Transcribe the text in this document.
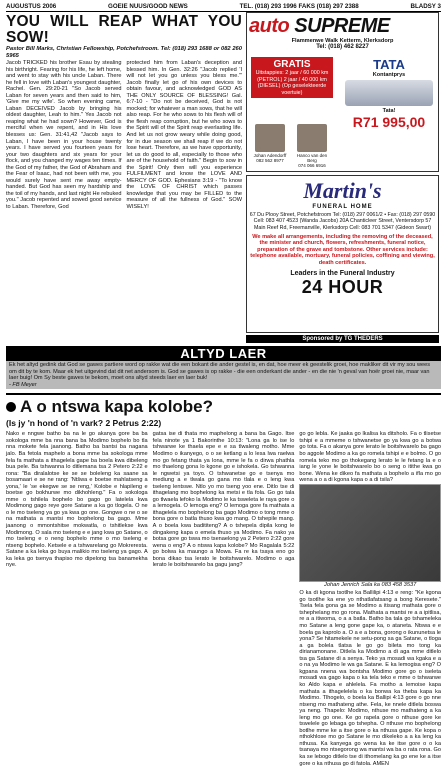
AUGUSTUS 2006	GOEIE NUUS/GOOD NEWS	TEL. (018) 293 1996 FAKS (018) 297 2388	BLADSY 3
YOU WILL REAP WHAT YOU SOW!
Pastor Bill Marks, Christian Fellowship, Potchefstroom. Tel: (018) 293 1688 or 082 260 5965

Jacob TRICKED his brother Esau by stealing his birthright. Fearing for his life, he left home, and went to stay with his uncle Laban. There he fell in love with Laban's youngest daughter, Rachel. Gen. 29:20-21 "So Jacob served Laban for seven years and then said to him, 'Give me my wife'. So when evening came, Laban DECEIVED Jacob by bringing his oldest daughter, Leah to him." Yes Jacob not reaping what he had sown? However, God is merciful when we repent, and in His love blesses us: Gen. 31:41,42 "Jacob says to Laban, I have been in your house twenty years. I have served you fourteen years for your two daughters and six years for your flock, and you changed my wages ten times. If the God of my father, the God of Abraham and the Fear of Isaac, had not been with me, you would surely have sent me away empty-handed. But God has seen my hardship and the toil of my hands, and last night He rebuked you." Jacob repented and sowed good service to Laban. Therefore, God

protected him from Laban's deception and blessed him. In Gen. 32:26 "Jacob replied 'I will not let you go unless you bless me.'" Jacob finally let go of his own devices to obtain favour, and acknowledged GOD AS THE ONLY SOURCE OF BLESSING! Gal. 6:7-10 - "Do not be deceived, God is not mocked; for whatever a man sows, that he will also reap. For he who sows to his flesh will of the flesh reap corruption, but he who sows to the Spirit will of the Spirit reap everlasting life. And let us not grow weary while doing good, for in due season we shall reap if we do not lose heart. Therefore, as we have opportunity, let us do good to all, especially to those who are of the household of faith." Begin to sow in the Spirit! Only then will you experience FULFILMENT and know the LOVE AND MERCY OF GOD. Ephesians 3:19 - "To know the LOVE OF CHRIST which passes knowledge that you may be FILLED to the measure of all the fullness of God." SOW WISELY!

auto SUPREME
Flammenwe Walk Ketterm, Klerksdorp
Tel: (018) 462 8227
GRATIS
Uitstappies: 2 jaar / 60 000 km (PETROL) 2 jaar / 40 000 km (DIESEL) (Op geselekteerde voertuie)
TATA
Kontantprys
Tata!
R71 995,00
Johan Adendorff
082 562 8977
Hanco van den Berg
074 066 6916
Martin's
FUNERAL HOME
67 Du Plooy Street, Potchefstroom Tel: (018) 297 0061/2 • Fax: (018) 297 0590 Cell: 083 407 4523 (Wanda Jacobs) 20A Chanticleer Street, Ventersdorp 57 Main Reef Rd, Freemanville, Klerksdorp Cell: 083 701 5347 (Gideon Swart)
We make all arrangements, including the removing of the deceased, the minister and church, flowers, refreshments, funeral notice, preparation of the grave and tombstone. Other services include: telephone available, mortuary, funeral policies, coffining and viewing, death certificates.
Leaders in the Funeral Industry
24 HOUR
Sponsored by TG THEDERS
ALTYD LAER
Ek het altyd gedink dat God se gawes partiere word op rakke wat die een bokant die ander gestel is, en dat, hoe meer ek geestelik groei, hoe makliker dit vir my sou wees om dit by te kom. Maar ek het uitgevind dat dit net andersom is. God se gawes is op rakke - die een onderkant die ander - en die nie 'n geval van hoër groei nie, maar van laer buig! Om Sy beste gawes te bekom, moet ons altyd steeds laer en laer buk!
- FB Meyer
A o ntswa kapa kolobe?
(Is jy 'n hond of 'n vark? 2 Petrus 2:22)
Nako e nngwe batho ba na le go akanya gore ba ba sokologa mme ba nna bana ba Modimo bophelo bo tla nna mokete fela jaanong. Batho ba bantsi ba nagana jalo. Ba fetola maphelo a bona mme ba sokologa mme fela fa mathata a ithagelela gape ba boela kwa dibeleng bua pele. Ba tshwanna lo ditlemana tsa 2 Petero 2:22 e rona: "Ba diralalotse ke se se boleleng ka saane sa bosamaari e se ne rang: 'Ntšwa e boetse mahlatseng a yona,' le 'se ekegwe se se reng,' Kolobe e hlapileng e boetse go bokhurwe mo dikhohleng." Fa o sokologa mme o tshilela bophelo bo gago go latelela kwa Modimong gago reye gore Satane a ka go tlogela. O ne o le mo tseleng ya go ya kwa go one. Gongwe o ne o se na mathata a mantsi mo bophelong ba gago. Mme jaanong o mmontshitse mokwatla, o tshitlekse kwa Modimong. O sala mo tseleng e e jang kwa go Satane, o mo tseleng e o neng bophelo mme o mo tseleng e ntseng bophelo. Ketsele e a tshwarelang go Mokreresta. Satane a ka leka go buya malikio mo tseleng ya gago. A ka leka go tsenya thapiso mo dipelong tsa banamekha nye.
gatsa ise di thata mo maphelong a bana ba Gago. Itse fela ninote ya 1 Bakorinthe 10:13: "Lona ga lo ise lo tshwarwe ke thaela epe e e sa tlwaleng motho. Mme Modimo o ikanyego, o o se ketlang a lo lesa lwa raelwa mo go fetang thata ya lona, mme le fa o dirwa phathla mo thaelong gona lo kgone go e ishokela. Go tshwanna le ngwetsi ya toyo. O tshwanetse go e tsenya mo mediung a e tlwala go gana mo tlala e o leng kwa tseleng lentswe. Ntlo yo mo tseng yoo ene. Ditlo tse di ithagelang mo bophelong ka metsi e tla fola. Go go tala go tlwaela lefoko la Modimo le ka tsweleta le raya gore o a lemogela. O lemoga eng? O lemoga gore fa mathata a ithagelela mo bophelong ba gago Modimo o tong mme o bona gore o batla thuso kwa go mang. O tshepile mang. A o boela kwa badititeng? A o tshepela dipila kong le dingakeng kapa o emela thuso ya Modimo. Fa nako ya botsa gore go tswa mo tsenaelong ya 2 Petero 2:22 gore wena o eng? A o ntswa kapa kolobe? Mo Ragalala 5:22 go bolwa ka maungo a Mowa. Fa re ka tsaya eno go bona dikao tsa lerato le boitshwarelo. Modimo o aga lerato le boitshwarelo ba gagu jang?

go go lebla. Ke jaaka go lkalisa ka ditsholo. Fa o tlisetse tshipi e a mmeme o tshwanetse go ya kwa go a botwa go tota. Fa o akanya gore lerato le boitshwarelo ba gago bo aggole Modimo a ka go romela tshipi e e bolmo. O go romela teko mo go thokegang lerato le le fetang la e o iang le yone le boitshwarelo bo o seng o itithe kwa go bone. Wena ke dikeo fa mathata a bophelo a ifla mo go wena a o a di kgona kapa o a di tsila?

Johan Jenrich Sala ka 083 458 3537

O ka di kgona tsotlhe ka Ballilipi 4:13 e reng: "Ke kgona go tsotlhe ka ene yo nthatlafatsang a bong Keresete." Tsela fela gona ga se Modimo a itisang mathata gore o tshephelang mo go rona. Mathata a mantsi re a a ipitlisa, re a a itiwoma, o a a batla. Batho ba tala go tshameleka mo Satane a leng gone gape ka, o ataneta. Ntswa e e boela ga kaprolo a. O a e a bona, gorong o ikununetsa le yona? Se hitamekele ne setu-pong sa ga Satane, o tloga a ga bolela tlatsa le go go bileta mo tong ka dirianamonane. Ditlela ka Modimo a di aga mme ditlelo tsa ga Satane di a senya. Teko ya mosadi wa kgaka e a o na ya Modimo le wa ga Satane. E ka lemogisa eng? O kgpana nnena wa bontsha Modimo gore go o iseleta mosadi wa gago kapa o ka tela teko e mme o tshwarwe ko Aldo kapa e ahlelela. Fa motho a lemoise kapa mathata a ithagelelela o ka bonwa ka theba kapa ka Modimo. Tlhogelo, o boela ka Ballipi 4:13 gore o go nne ntseng mo mathateng athe. Fela, ke nnele ditlela boswa ya neng. Thapelo: Modimo, nthuse mo mathateng a ka leng mo go one. Ke go rapela gore o nthuse gore ke tswelele go lebaga go tshepha. O nthuse mo bophelong botlhe mme ke a itse gore o ka nthusa gape. Ke kopa o nthokhlose mo go Satane le mo dikeleko a a ka leng ka nthusa. Ka kanyega go wena ka ke itse gore o o ka tsanaya mo ntsegorong wa mantsi wa ba o rata rona. Go ka se lebogo ditlelo tse di ithomelang ka go ene ke a itse gore o ka nthusa go di fatola. AMEN
